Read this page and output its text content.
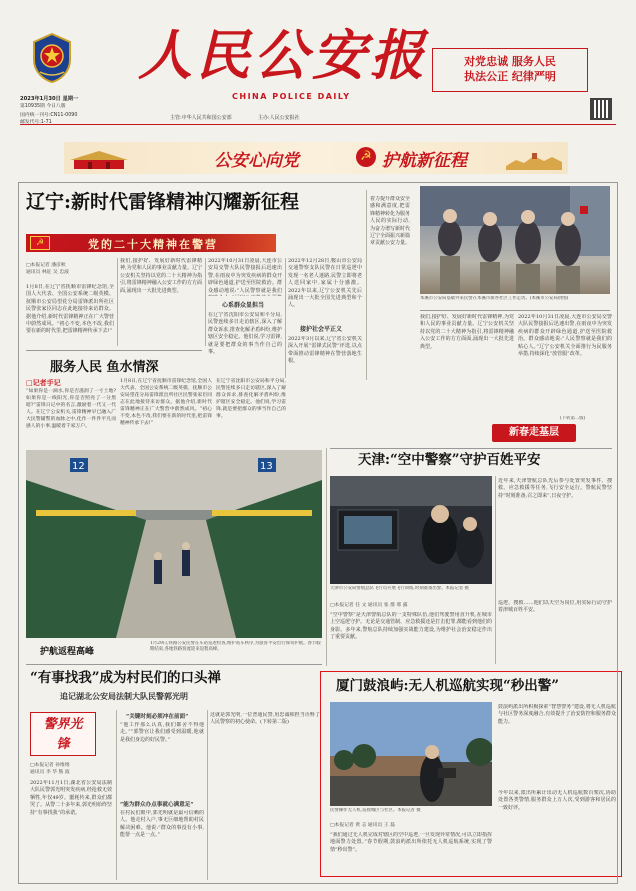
2023年1月30日 星期一
第10935期 今日八版
国内统一刊号:CN11-0090
邮发代号:1-71
人民公安报
CHINA POLICE DAILY
主管:中华人民共和国公安部	主办:人民公安报社
对党忠诚 服务人民
执法公正 纪律严明
公安心向党	☭ 护航新征程
辽宁:新时代雷锋精神闪耀新征程
☭	党的二十大精神在警营
□本报记者 潘彦秋
通讯员 林征 吴 忠波
1月8日,在辽宁省抚顺市雷锋纪念馆,全国人大代表、全国公安系统二级英模、抚顺市公安局望花分局雷锋派出所社区民警张家臣同志在此地接待来访群众。据他介绍,新时代雷锋精神正在广大警营中蔚然成风。“初心不变,本色不改,我们要在新的时代里,把雷锋精神传承下去!”
我们,接护好、发展好新时代雷锋精神,为党和人民的事业贡献力量。辽宁公安机关坚持以党的二十大精神为指引,将雷锋精神融入公安工作的方方面面,涌现出一大批先进典型。
2022年10月31日凌晨,大连市公安局交警大队民警接报后迅速出警,在雨夜中为突发疾病的群众开辟绿色通道,护送至医院救治。群众感动地说:“人民警察就是我们
心系群众显担当
在辽宁省沈阳市公安局和平分局,民警连续多日走访辖区,深入了解群众诉求,排查化解矛盾纠纷,维护辖区安全稳定。他们说,学习雷锋,就是要把群众的事当作自己的事。
2022年12月28日,鞍山市公安局交通警察支队民警在日常巡逻中发现一名老人迷路,民警立即将老人送回家中,家属十分感激。2022年以来,辽宁公安机关先后涌现出一大批全国先进典型和个人。
接护社会平正义
2022年3月以来,辽宁省公安机关深入开展“雷锋式民警”评选,以点带面推动雷锋精神在警营落地生根。
着力提升群众安全感和满意度,把雷锋精神转化为服务人民的实际行动,为奋力谱写新时代辽宁全面振兴新篇章贡献公安力量。
本溪市公安局基础外来民警在本溪市街办社区工作走访。(本溪市公安局供图)
(下转第二版)
我们,接护好、发展好新时代雷锋精神,为党和人民的事业贡献力量。辽宁公安机关坚持以党的二十大精神为指引,将雷锋精神融入公安工作的方方面面,涌现出一大批先进典型。
2022年10月31日凌晨,大连市公安局交警大队民警接报后迅速出警,在雨夜中为突发疾病的群众开辟绿色通道,护送至医院救治。群众感动地说:“人民警察就是我们的贴心人。”辽宁公安机关全面推行为民服务举措,持续深化“放管服”改革。
新春走基层
服务人民 鱼水情深
□记者手记
“如果你是一滴水,你是否滋润了一寸土地?如果你是一线阳光,你是否照亮了一分黑暗?”雷锋日记中的名言,激励着一代又一代人。在辽宁公安机关,雷锋精神早已融入广大民警辅警的血脉之中,化作一件件平凡而感人的小事,温暖着千家万户。
1月8日,在辽宁省抚顺市雷锋纪念馆,全国人大代表、全国公安系统二级英模、抚顺市公安局望花分局雷锋派出所社区民警张家臣同志在此地接待来访群众。据他介绍,新时代雷锋精神正在广大警营中蔚然成风。“初心不变,本色不改,我们要在新的时代里,把雷锋精神传承下去!”
在辽宁省沈阳市公安局和平分局,民警连续多日走访辖区,深入了解群众诉求,排查化解矛盾纠纷,维护辖区安全稳定。他们说,学习雷锋,就是要把群众的事当作自己的事。
12	13
护航返程高峰
1月29日,铁路公安民警在车站巡逻检查,维护站车秩序,为旅客平安出行保驾护航。春节假期结束,各地铁路客流迎来返程高峰。
天津:“空中警察”守护百姓平安
天津市公安局警航总队飞行员开展飞行训练,时刻准备出警。本报记者 摄
□本报记者 任 文 通讯员 张 群 邢 露
“空中警察”是天津警航总队的一支特殊队伍,他们驾驶警用直升机,在城市上空巡逻守护。无论是交通管制、应急救援还是打击犯罪,都能看到他们的身影。多年来,警航总队持续加强实战能力建设,为维护社会治安稳定作出了重要贡献。
近年来,天津警航总队先后参与处置突发事件、搜救、应急救援等任务,飞行安全运行。警航民警坚持“时刻准备,召之即来”,日夜守护。
巡逻、搜救……他们以天空为岗位,用实际行动守护着津城百姓平安。
“有事找我”成为村民们的口头禅
追记湖北公安局法制大队民警郭光明
警界光锋
□本报记者 孙维维
通讯员 李 华 熊 波
2022年11月1日,湖北省公安局法制大队民警郭光明突发疾病,经抢救无效牺牲,年仅49岁。噩耗传来,群众们都哭了。从警二十多年来,郭光明始终坚持“有事找我”的承诺。
“关键时刻必须冲在前面”
“他工作那么认真,我们都舍不得他走。”“郭警官让我们感受到温暖,他就是我们身边的好民警。”
“能为群众办点事就心满意足”
在村民们眼中,郭光明就是最可信赖的人。他走村入户,事无巨细地帮助村民解决困难。他说:“群众的事没有小事,能帮一点是一点。”
这就是郭光明,一位普通民警,用忠诚和担当诠释了人民警察的初心使命。(下转第二版)
厦门鼓浪屿:无人机巡航实现“秒出警”
民警操作无人机,巡视城区与社区。本报记者 摄
□本报记者 黄 志 通讯员 王 磊
“我们通过无人机完成对辖区的空中巡逻,一旦发现异常情况,可以立即指挥地面警力处置。”春节假期,鼓浪屿派出所依托无人机巡航系统,实现了警情“秒出警”。
鼓浪屿派出所积极探索“智慧警务”建设,将无人机巡航与社区警务深度融合,有效提升了治安防控和服务群众能力。
今年以来,派出所累计出动无人机巡航数百架次,协助处置各类警情,服务群众上万人次,受到游客和居民的一致好评。
